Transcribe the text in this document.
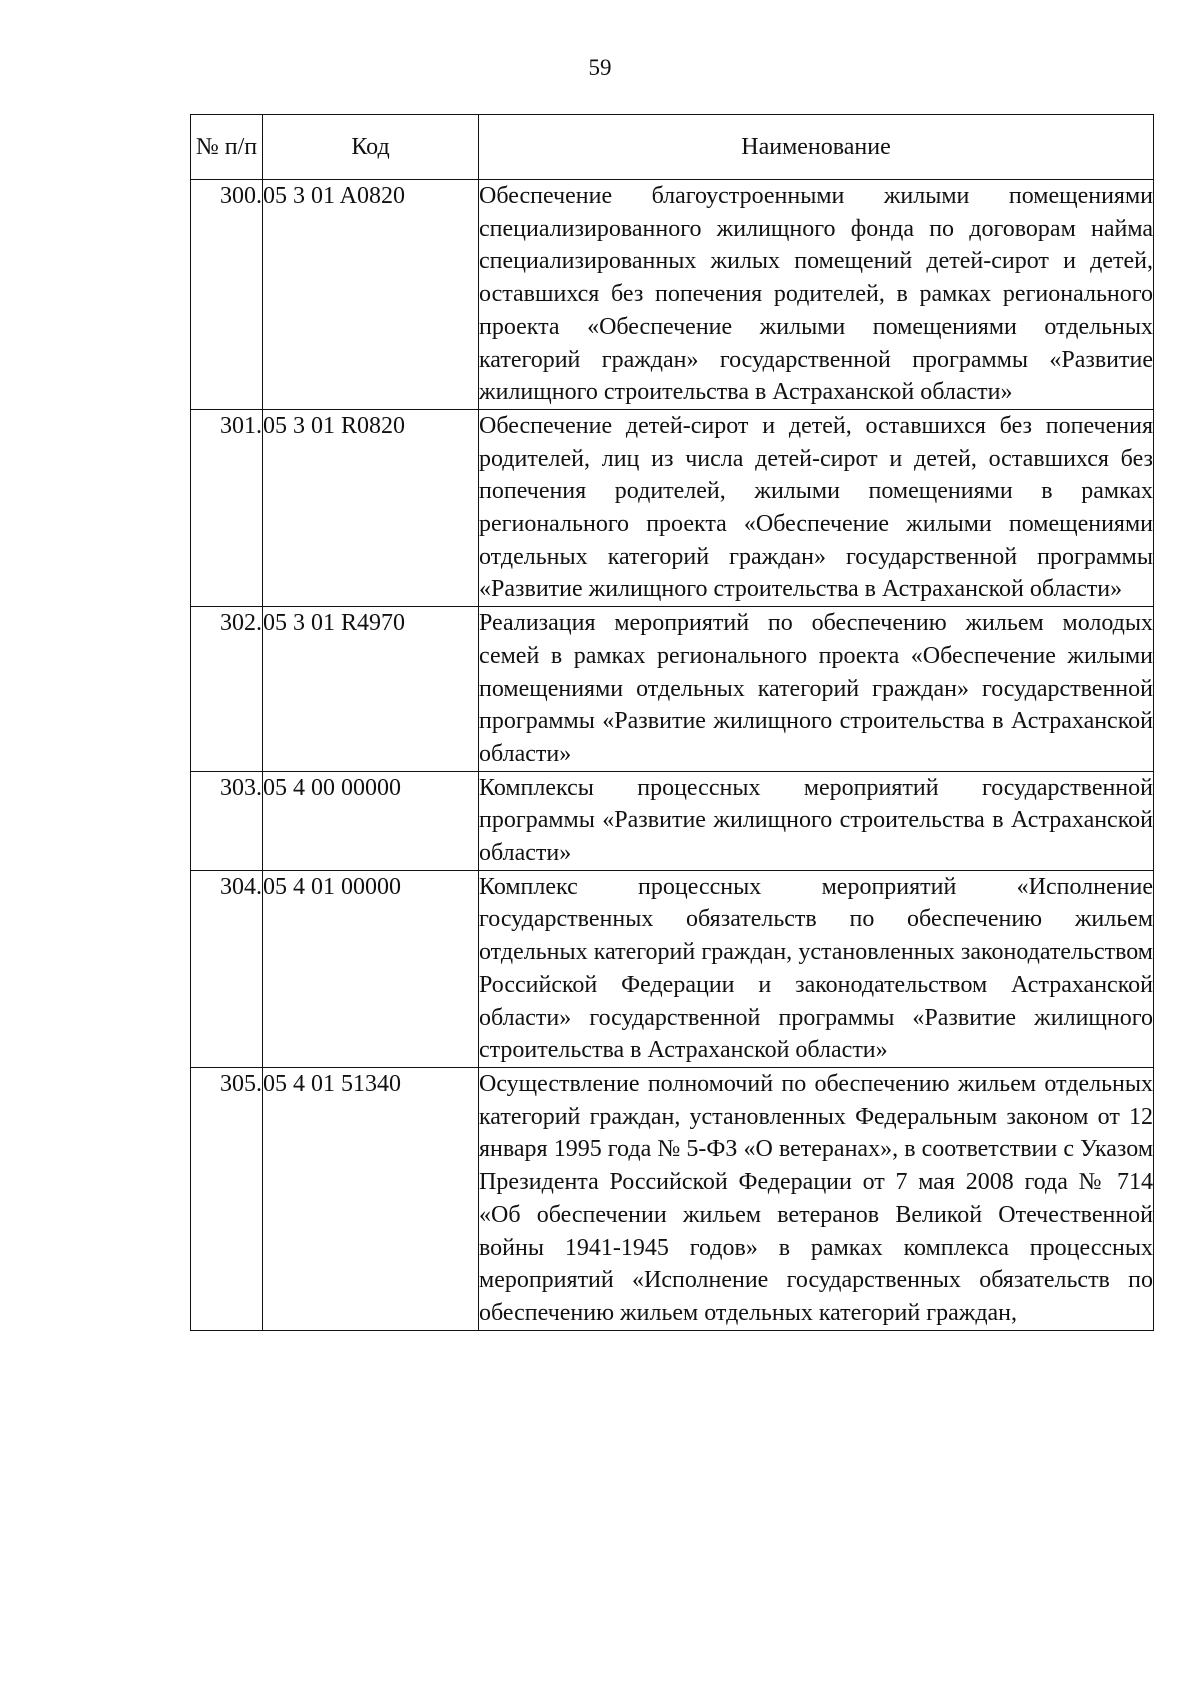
59
№ п/п	Код	Наименование
300.	05 3 01 A0820	Обеспечение благоустроенными жилыми помещениями специализированного жилищного фонда по договорам найма специализированных жилых помещений детей-сирот и детей, оставшихся без попечения родителей, в рамках регионального проекта «Обеспечение жилыми помещениями отдельных категорий граждан» государственной программы «Развитие жилищного строительства в Астраханской области»
301.	05 3 01 R0820	Обеспечение детей-сирот и детей, оставшихся без попечения родителей, лиц из числа детей-сирот и детей, оставшихся без попечения родителей, жилыми помещениями в рамках регионального проекта «Обеспечение жилыми помещениями отдельных категорий граждан» государственной программы «Развитие жилищного строительства в Астраханской области»
302.	05 3 01 R4970	Реализация мероприятий по обеспечению жильем молодых семей в рамках регионального проекта «Обеспечение жилыми помещениями отдельных категорий граждан» государственной программы «Развитие жилищного строительства в Астраханской области»
303.	05 4 00 00000	Комплексы процессных мероприятий государственной программы «Развитие жилищного строительства в Астраханской области»
304.	05 4 01 00000	Комплекс процессных мероприятий «Исполнение государственных обязательств по обеспечению жильем отдельных категорий граждан, установленных законодательством Российской Федерации и законодательством Астраханской области» государственной программы «Развитие жилищного строительства в Астраханской области»
305.	05 4 01 51340	Осуществление полномочий по обеспечению жильем отдельных категорий граждан, установленных Федеральным законом от 12 января 1995 года № 5-ФЗ «О ветеранах», в соответствии с Указом Президента Российской Федерации от 7 мая 2008 года № 714 «Об обеспечении жильем ветеранов Великой Отечественной войны 1941-1945 годов» в рамках комплекса процессных мероприятий «Исполнение государственных обязательств по обеспечению жильем отдельных категорий граждан,
